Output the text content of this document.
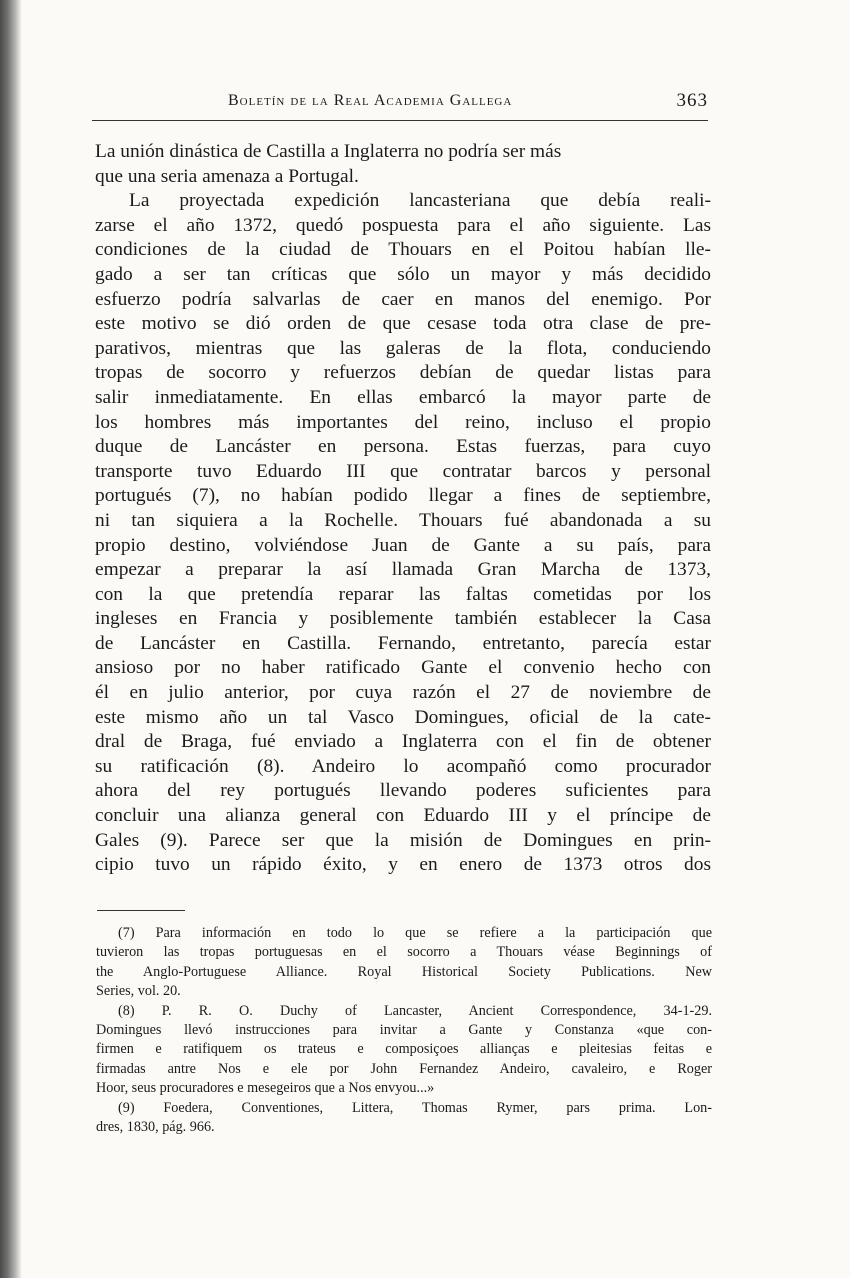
Boletín de la Real Academia Gallega	363
La unión dinástica de Castilla a Inglaterra no podría ser más
que una seria amenaza a Portugal.
La proyectada expedición lancasteriana que debía reali-
zarse el año 1372, quedó pospuesta para el año siguiente. Las
condiciones de la ciudad de Thouars en el Poitou habían lle-
gado a ser tan críticas que sólo un mayor y más decidido
esfuerzo podría salvarlas de caer en manos del enemigo. Por
este motivo se dió orden de que cesase toda otra clase de pre-
parativos, mientras que las galeras de la flota, conduciendo
tropas de socorro y refuerzos debían de quedar listas para
salir inmediatamente. En ellas embarcó la mayor parte de
los hombres más importantes del reino, incluso el propio
duque de Lancáster en persona. Estas fuerzas, para cuyo
transporte tuvo Eduardo III que contratar barcos y personal
portugués (7), no habían podido llegar a fines de septiembre,
ni tan siquiera a la Rochelle. Thouars fué abandonada a su
propio destino, volviéndose Juan de Gante a su país, para
empezar a preparar la así llamada Gran Marcha de 1373,
con la que pretendía reparar las faltas cometidas por los
ingleses en Francia y posiblemente también establecer la Casa
de Lancáster en Castilla. Fernando, entretanto, parecía estar
ansioso por no haber ratificado Gante el convenio hecho con
él en julio anterior, por cuya razón el 27 de noviembre de
este mismo año un tal Vasco Domingues, oficial de la cate-
dral de Braga, fué enviado a Inglaterra con el fin de obtener
su ratificación (8). Andeiro lo acompañó como procurador
ahora del rey portugués llevando poderes suficientes para
concluir una alianza general con Eduardo III y el príncipe de
Gales (9). Parece ser que la misión de Domingues en prin-
cipio tuvo un rápido éxito, y en enero de 1373 otros dos
(7) Para información en todo lo que se refiere a la participación que
tuvieron las tropas portuguesas en el socorro a Thouars véase Beginnings of
the Anglo-Portuguese Alliance. Royal Historical Society Publications. New
Series, vol. 20.
(8) P. R. O. Duchy of Lancaster, Ancient Correspondence, 34-1-29.
Domingues llevó instrucciones para invitar a Gante y Constanza «que con-
firmen e ratifiquem os trateus e composiçoes allianças e pleitesias feitas e
firmadas antre Nos e ele por John Fernandez Andeiro, cavaleiro, e Roger
Hoor, seus procuradores e mesegeiros que a Nos envyou...»
(9) Foedera, Conventiones, Littera, Thomas Rymer, pars prima. Lon-
dres, 1830, pág. 966.
